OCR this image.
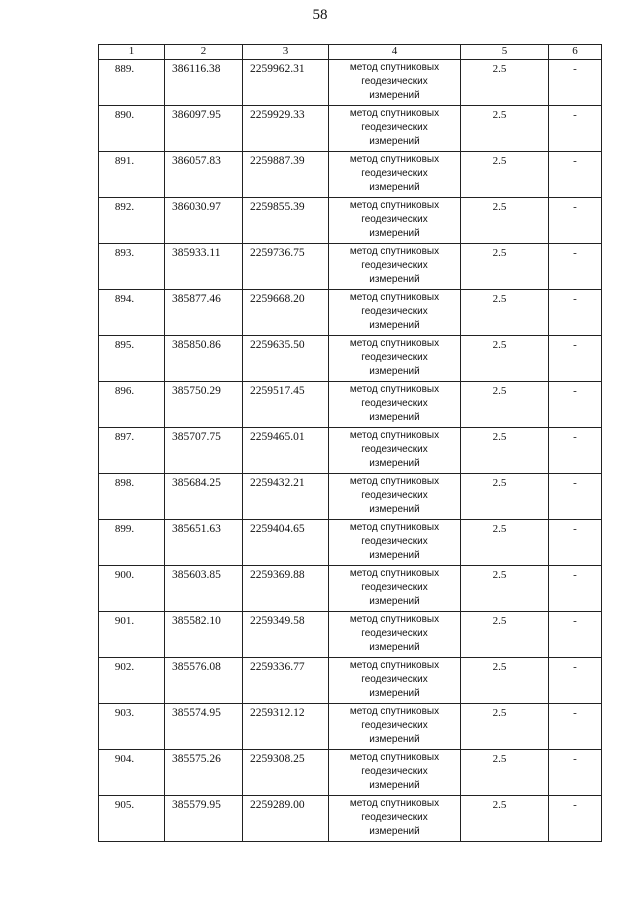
58
1	2	3	4	5	6
889.	386116.38	2259962.31	метод спутниковых
геодезических
измерений	2.5	-
890.	386097.95	2259929.33	метод спутниковых
геодезических
измерений	2.5	-
891.	386057.83	2259887.39	метод спутниковых
геодезических
измерений	2.5	-
892.	386030.97	2259855.39	метод спутниковых
геодезических
измерений	2.5	-
893.	385933.11	2259736.75	метод спутниковых
геодезических
измерений	2.5	-
894.	385877.46	2259668.20	метод спутниковых
геодезических
измерений	2.5	-
895.	385850.86	2259635.50	метод спутниковых
геодезических
измерений	2.5	-
896.	385750.29	2259517.45	метод спутниковых
геодезических
измерений	2.5	-
897.	385707.75	2259465.01	метод спутниковых
геодезических
измерений	2.5	-
898.	385684.25	2259432.21	метод спутниковых
геодезических
измерений	2.5	-
899.	385651.63	2259404.65	метод спутниковых
геодезических
измерений	2.5	-
900.	385603.85	2259369.88	метод спутниковых
геодезических
измерений	2.5	-
901.	385582.10	2259349.58	метод спутниковых
геодезических
измерений	2.5	-
902.	385576.08	2259336.77	метод спутниковых
геодезических
измерений	2.5	-
903.	385574.95	2259312.12	метод спутниковых
геодезических
измерений	2.5	-
904.	385575.26	2259308.25	метод спутниковых
геодезических
измерений	2.5	-
905.	385579.95	2259289.00	метод спутниковых
геодезических
измерений	2.5	-
